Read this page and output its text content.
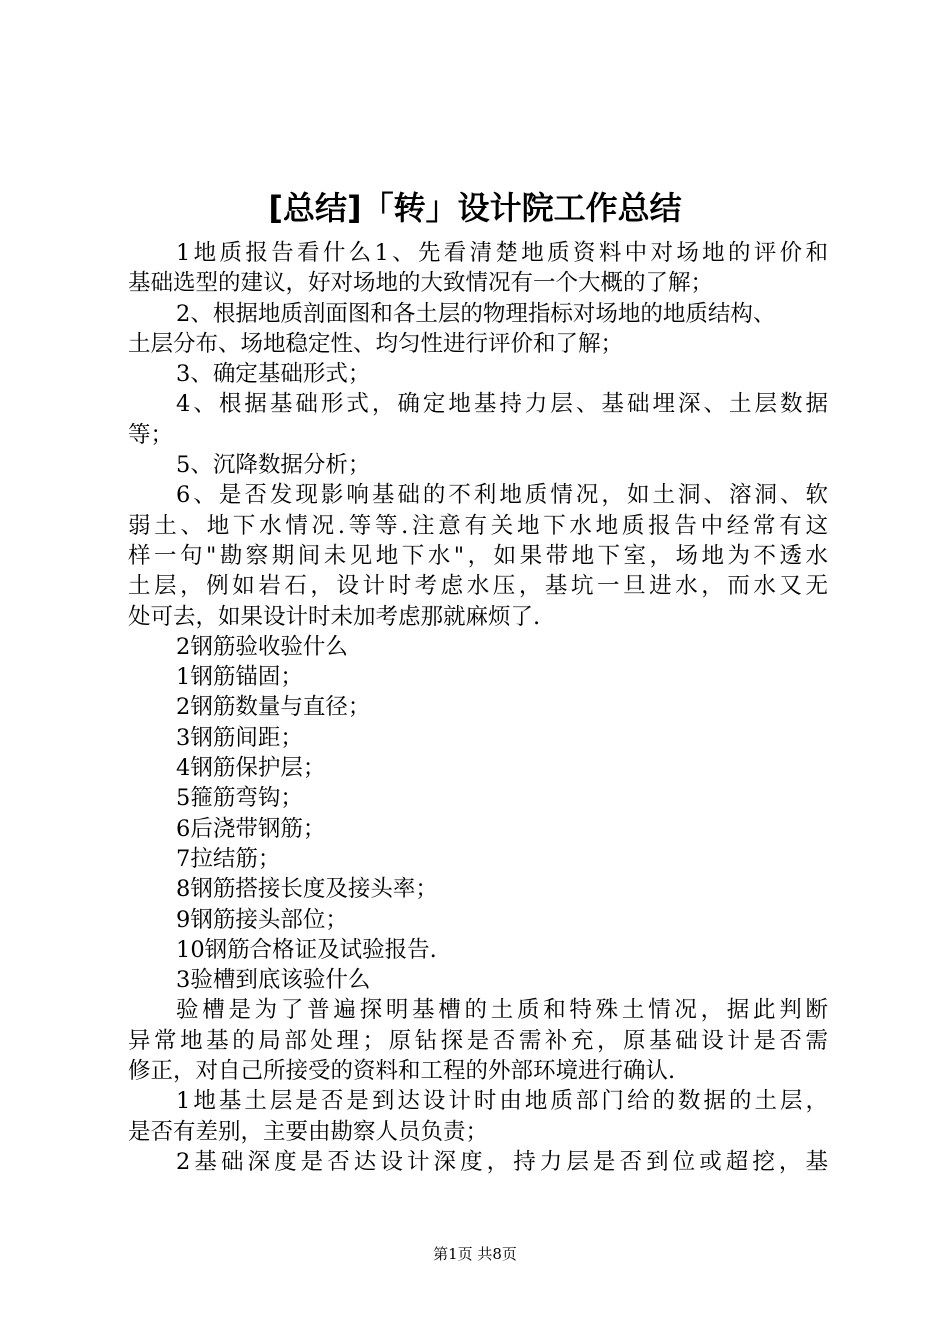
[总结]「转」设计院工作总结
1地质报告看什么1、先看清楚地质资料中对场地的评价和
基础选型的建议，好对场地的大致情况有一个大概的了解；
2、根据地质剖面图和各土层的物理指标对场地的地质结构、
土层分布、场地稳定性、均匀性进行评价和了解；
3、确定基础形式；
4、根据基础形式，确定地基持力层、基础埋深、土层数据
等；
5、沉降数据分析；
6、是否发现影响基础的不利地质情况，如土洞、溶洞、软
弱土、地下水情况.等等.注意有关地下水地质报告中经常有这
样一句"勘察期间未见地下水"，如果带地下室，场地为不透水
土层，例如岩石，设计时考虑水压，基坑一旦进水，而水又无
处可去，如果设计时未加考虑那就麻烦了.
2钢筋验收验什么
1钢筋锚固；
2钢筋数量与直径；
3钢筋间距；
4钢筋保护层；
5箍筋弯钩；
6后浇带钢筋；
7拉结筋；
8钢筋搭接长度及接头率；
9钢筋接头部位；
10钢筋合格证及试验报告.
3验槽到底该验什么
验槽是为了普遍探明基槽的土质和特殊土情况，据此判断
异常地基的局部处理；原钻探是否需补充，原基础设计是否需
修正，对自己所接受的资料和工程的外部环境进行确认.
1地基土层是否是到达设计时由地质部门给的数据的土层，
是否有差别，主要由勘察人员负责；
2基础深度是否达设计深度，持力层是否到位或超挖，基
第1页 共8页
